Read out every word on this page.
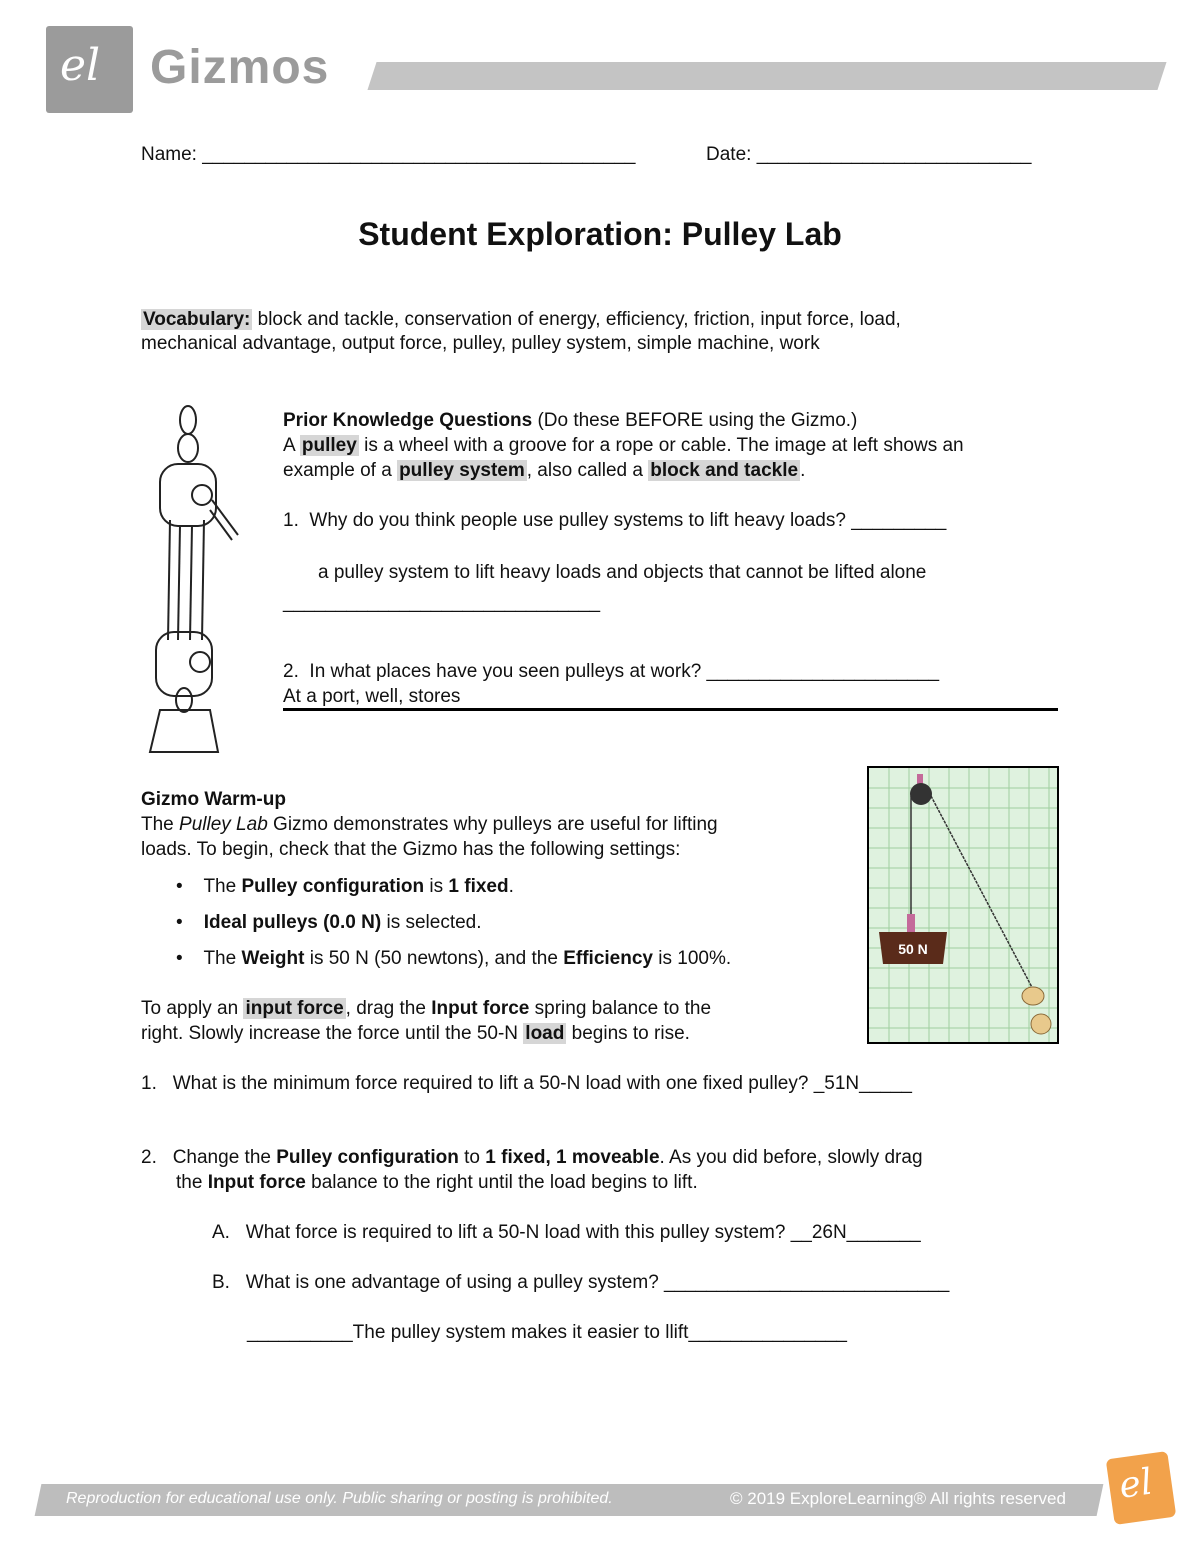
el Gizmos
Name: _________________________________________	Date: __________________________
Student Exploration: Pulley Lab
Vocabulary: block and tackle, conservation of energy, efficiency, friction, input force, load,
mechanical advantage, output force, pulley, pulley system, simple machine, work
Prior Knowledge Questions (Do these BEFORE using the Gizmo.)
A pulley is a wheel with a groove for a rope or cable. The image at left shows an
example of a pulley system , also called a block and tackle .
1. Why do you think people use pulley systems to lift heavy loads? _________
a pulley system to lift heavy loads and objects that cannot be lifted alone
______________________________
2. In what places have you seen pulleys at work? ______________________
At a port, well, stores
Gizmo Warm-up
The Pulley Lab Gizmo demonstrates why pulleys are useful for lifting
loads. To begin, check that the Gizmo has the following settings:
• The Pulley configuration is 1 fixed.
• Ideal pulleys (0.0 N) is selected.
• The Weight is 50 N (50 newtons), and the Efficiency is 100%.
To apply an input force , drag the Input force spring balance to the
right. Slowly increase the force until the 50-N load begins to rise.
50 N
1. What is the minimum force required to lift a 50-N load with one fixed pulley? _51N_____
2. Change the Pulley configuration to 1 fixed, 1 moveable. As you did before, slowly drag
the Input force balance to the right until the load begins to lift.
A. What force is required to lift a 50-N load with this pulley system? __26N_______
B. What is one advantage of using a pulley system? ___________________________
__________The pulley system makes it easier to llift_______________
Reproduction for educational use only. Public sharing or posting is prohibited.	© 2019 ExploreLearning® All rights reserved el
